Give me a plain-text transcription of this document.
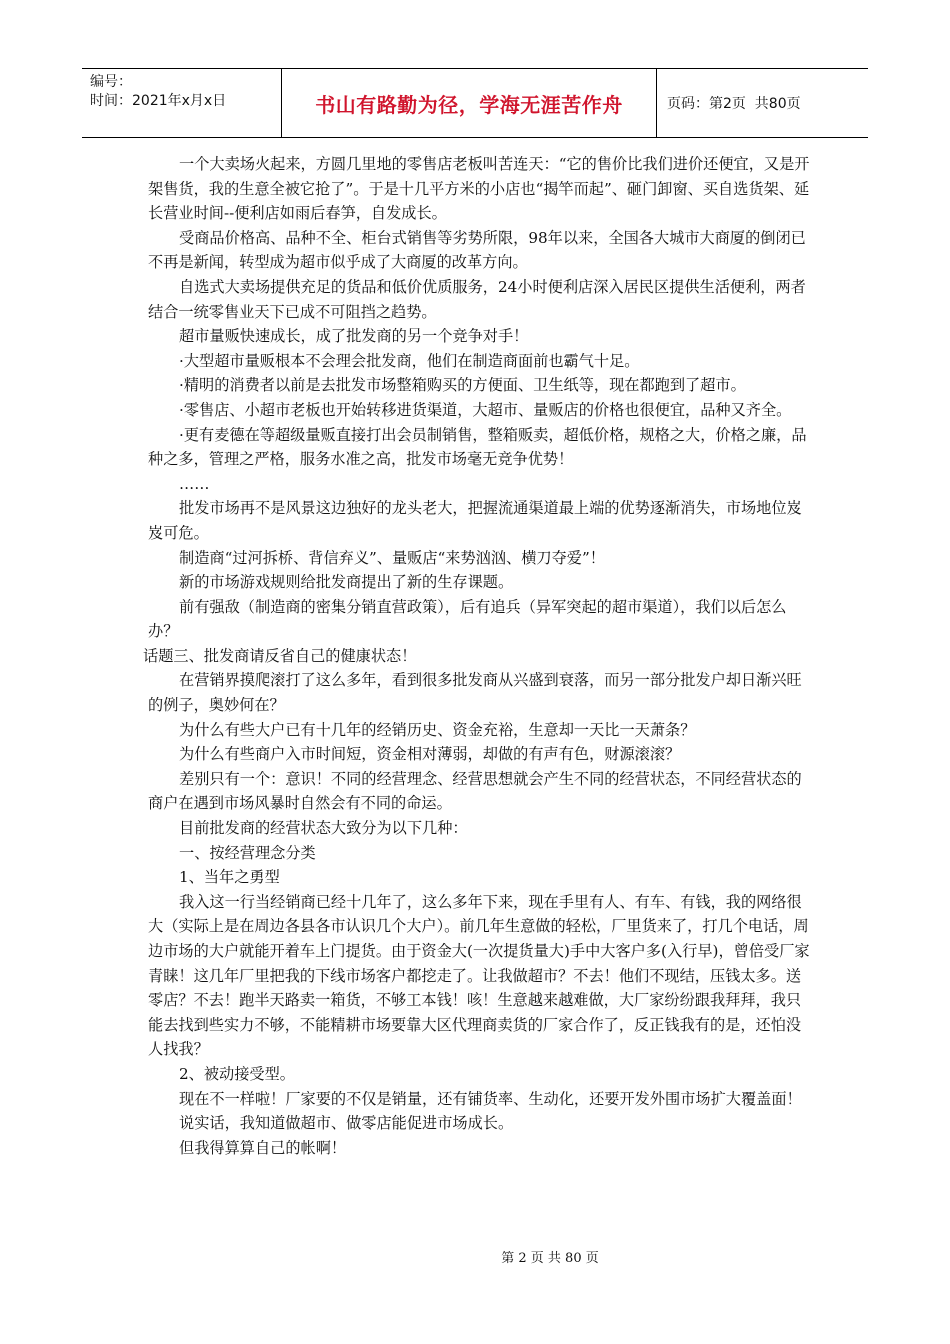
编号：
时间：2021年x月x日	书山有路勤为径，学海无涯苦作舟	页码：第2页  共80页

一个大卖场火起来，方圆几里地的零售店老板叫苦连天：“它的售价比我们进价还便宜，又是开架售货，我的生意全被它抢了”。于是十几平方米的小店也“揭竿而起”、砸门卸窗、买自选货架、延长营业时间--便利店如雨后春笋，自发成长。

受商品价格高、品种不全、柜台式销售等劣势所限，98年以来，全国各大城市大商厦的倒闭已不再是新闻，转型成为超市似乎成了大商厦的改革方向。

自选式大卖场提供充足的货品和低价优质服务，24小时便利店深入居民区提供生活便利，两者结合一统零售业天下已成不可阻挡之趋势。

超市量贩快速成长，成了批发商的另一个竞争对手！

·大型超市量贩根本不会理会批发商，他们在制造商面前也霸气十足。

·精明的消费者以前是去批发市场整箱购买的方便面、卫生纸等，现在都跑到了超市。

·零售店、小超市老板也开始转移进货渠道，大超市、量贩店的价格也很便宜，品种又齐全。

·更有麦德在等超级量贩直接打出会员制销售，整箱贩卖，超低价格，规格之大，价格之廉，品种之多，管理之严格，服务水准之高，批发市场毫无竞争优势！

……

批发市场再不是风景这边独好的龙头老大，把握流通渠道最上端的优势逐渐消失，市场地位岌岌可危。

制造商“过河拆桥、背信弃义”、量贩店“来势汹汹、横刀夺爱”！

新的市场游戏规则给批发商提出了新的生存课题。

前有强敌（制造商的密集分销直营政策），后有追兵（异军突起的超市渠道），我们以后怎么办？

话题三、批发商请反省自己的健康状态！

在营销界摸爬滚打了这么多年，看到很多批发商从兴盛到衰落，而另一部分批发户却日渐兴旺的例子，奥妙何在？

为什么有些大户已有十几年的经销历史、资金充裕，生意却一天比一天萧条？

为什么有些商户入市时间短，资金相对薄弱，却做的有声有色，财源滚滚？

差别只有一个：意识！不同的经营理念、经营思想就会产生不同的经营状态，不同经营状态的商户在遇到市场风暴时自然会有不同的命运。

目前批发商的经营状态大致分为以下几种：

一、按经营理念分类

1、当年之勇型

我入这一行当经销商已经十几年了，这么多年下来，现在手里有人、有车、有钱，我的网络很大（实际上是在周边各县各市认识几个大户）。前几年生意做的轻松，厂里货来了，打几个电话，周边市场的大户就能开着车上门提货。由于资金大(一次提货量大)手中大客户多(入行早)，曾倍受厂家青睐！这几年厂里把我的下线市场客户都挖走了。让我做超市？不去！他们不现结，压钱太多。送零店？不去！跑半天路卖一箱货，不够工本钱！咳！生意越来越难做，大厂家纷纷跟我拜拜，我只能去找到些实力不够，不能精耕市场要靠大区代理商卖货的厂家合作了，反正钱我有的是，还怕没人找我？

2、被动接受型。

现在不一样啦！厂家要的不仅是销量，还有铺货率、生动化，还要开发外围市场扩大覆盖面！

说实话，我知道做超市、做零店能促进市场成长。

但我得算算自己的帐啊！

第 2 页 共 80 页
